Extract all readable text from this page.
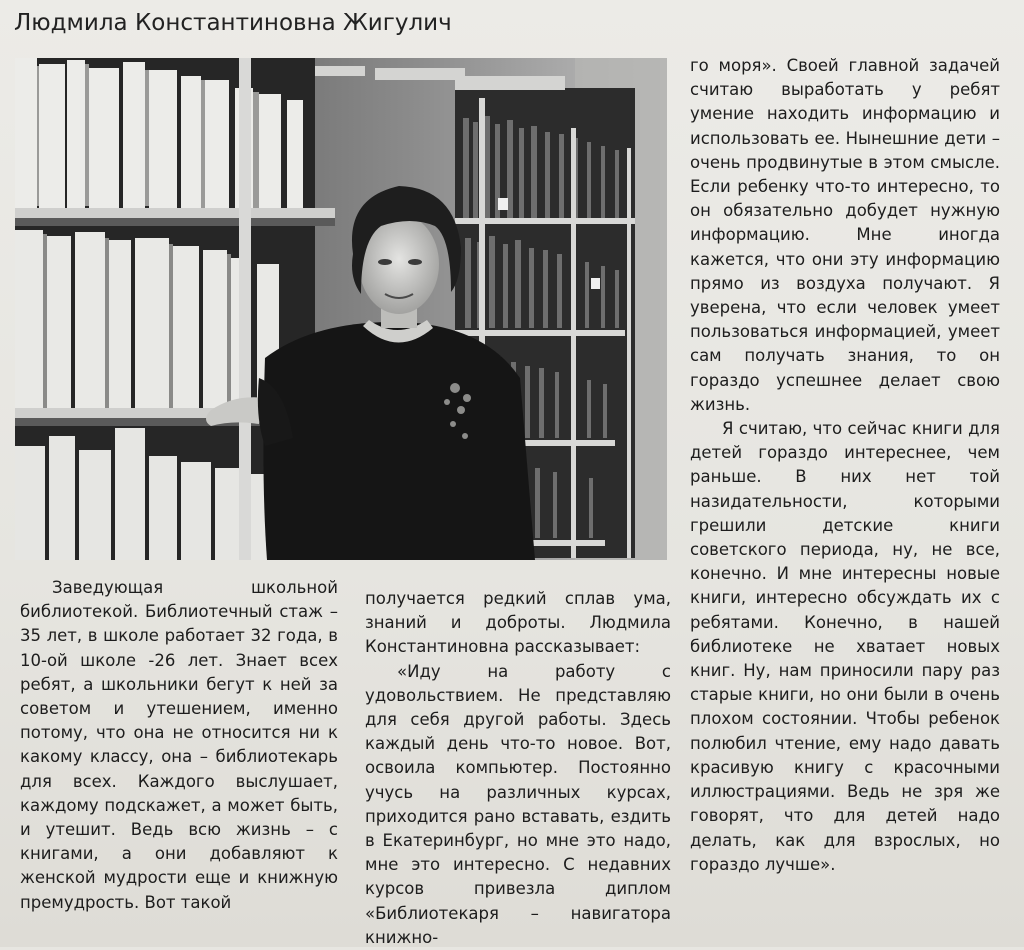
Людмила Константиновна Жигулич

Заведующая школьной библиотекой. Библиотечный стаж – 35 лет, в школе работает 32 года, в 10-ой школе -26 лет. Знает всех ребят, а школьники бегут к ней за советом и утешением, именно потому, что она не относится ни к какому классу, она – библиотекарь для всех. Каждого выслушает, каждому подскажет, а может быть, и утешит. Ведь всю жизнь – с книгами, а они добавляют к женской мудрости еще и книжную премудрость. Вот такой

получается редкий сплав ума, знаний и доброты. Людмила Константиновна рассказывает:

«Иду на работу с удовольствием. Не представляю для себя другой работы. Здесь каждый день что-то новое. Вот, освоила компьютер. Постоянно учусь на различных курсах, приходится рано вставать, ездить в Екатеринбург, но мне это надо, мне это интересно. С недавних курсов привезла диплом «Библиотекаря – навигатора книжно-

го моря». Своей главной задачей считаю выработать у ребят умение находить информацию и использовать ее. Нынешние дети – очень продвинутые в этом смысле. Если ребенку что-то интересно, то он обязательно добудет нужную информацию. Мне иногда кажется, что они эту информацию прямо из воздуха получают. Я уверена, что если человек умеет пользоваться информацией, умеет сам получать знания, то он гораздо успешнее делает свою жизнь.

Я считаю, что сейчас книги для детей гораздо интереснее, чем раньше. В них нет той назидательности, которыми грешили детские книги советского периода, ну, не все, конечно. И мне интересны новые книги, интересно обсуждать их с ребятами. Конечно, в нашей библиотеке не хватает новых книг. Ну, нам приносили пару раз старые книги, но они были в очень плохом состоянии. Чтобы ребенок полюбил чтение, ему надо давать красивую книгу с красочными иллюстрациями. Ведь не зря же говорят, что для детей надо делать, как для взрослых, но гораздо лучше».
